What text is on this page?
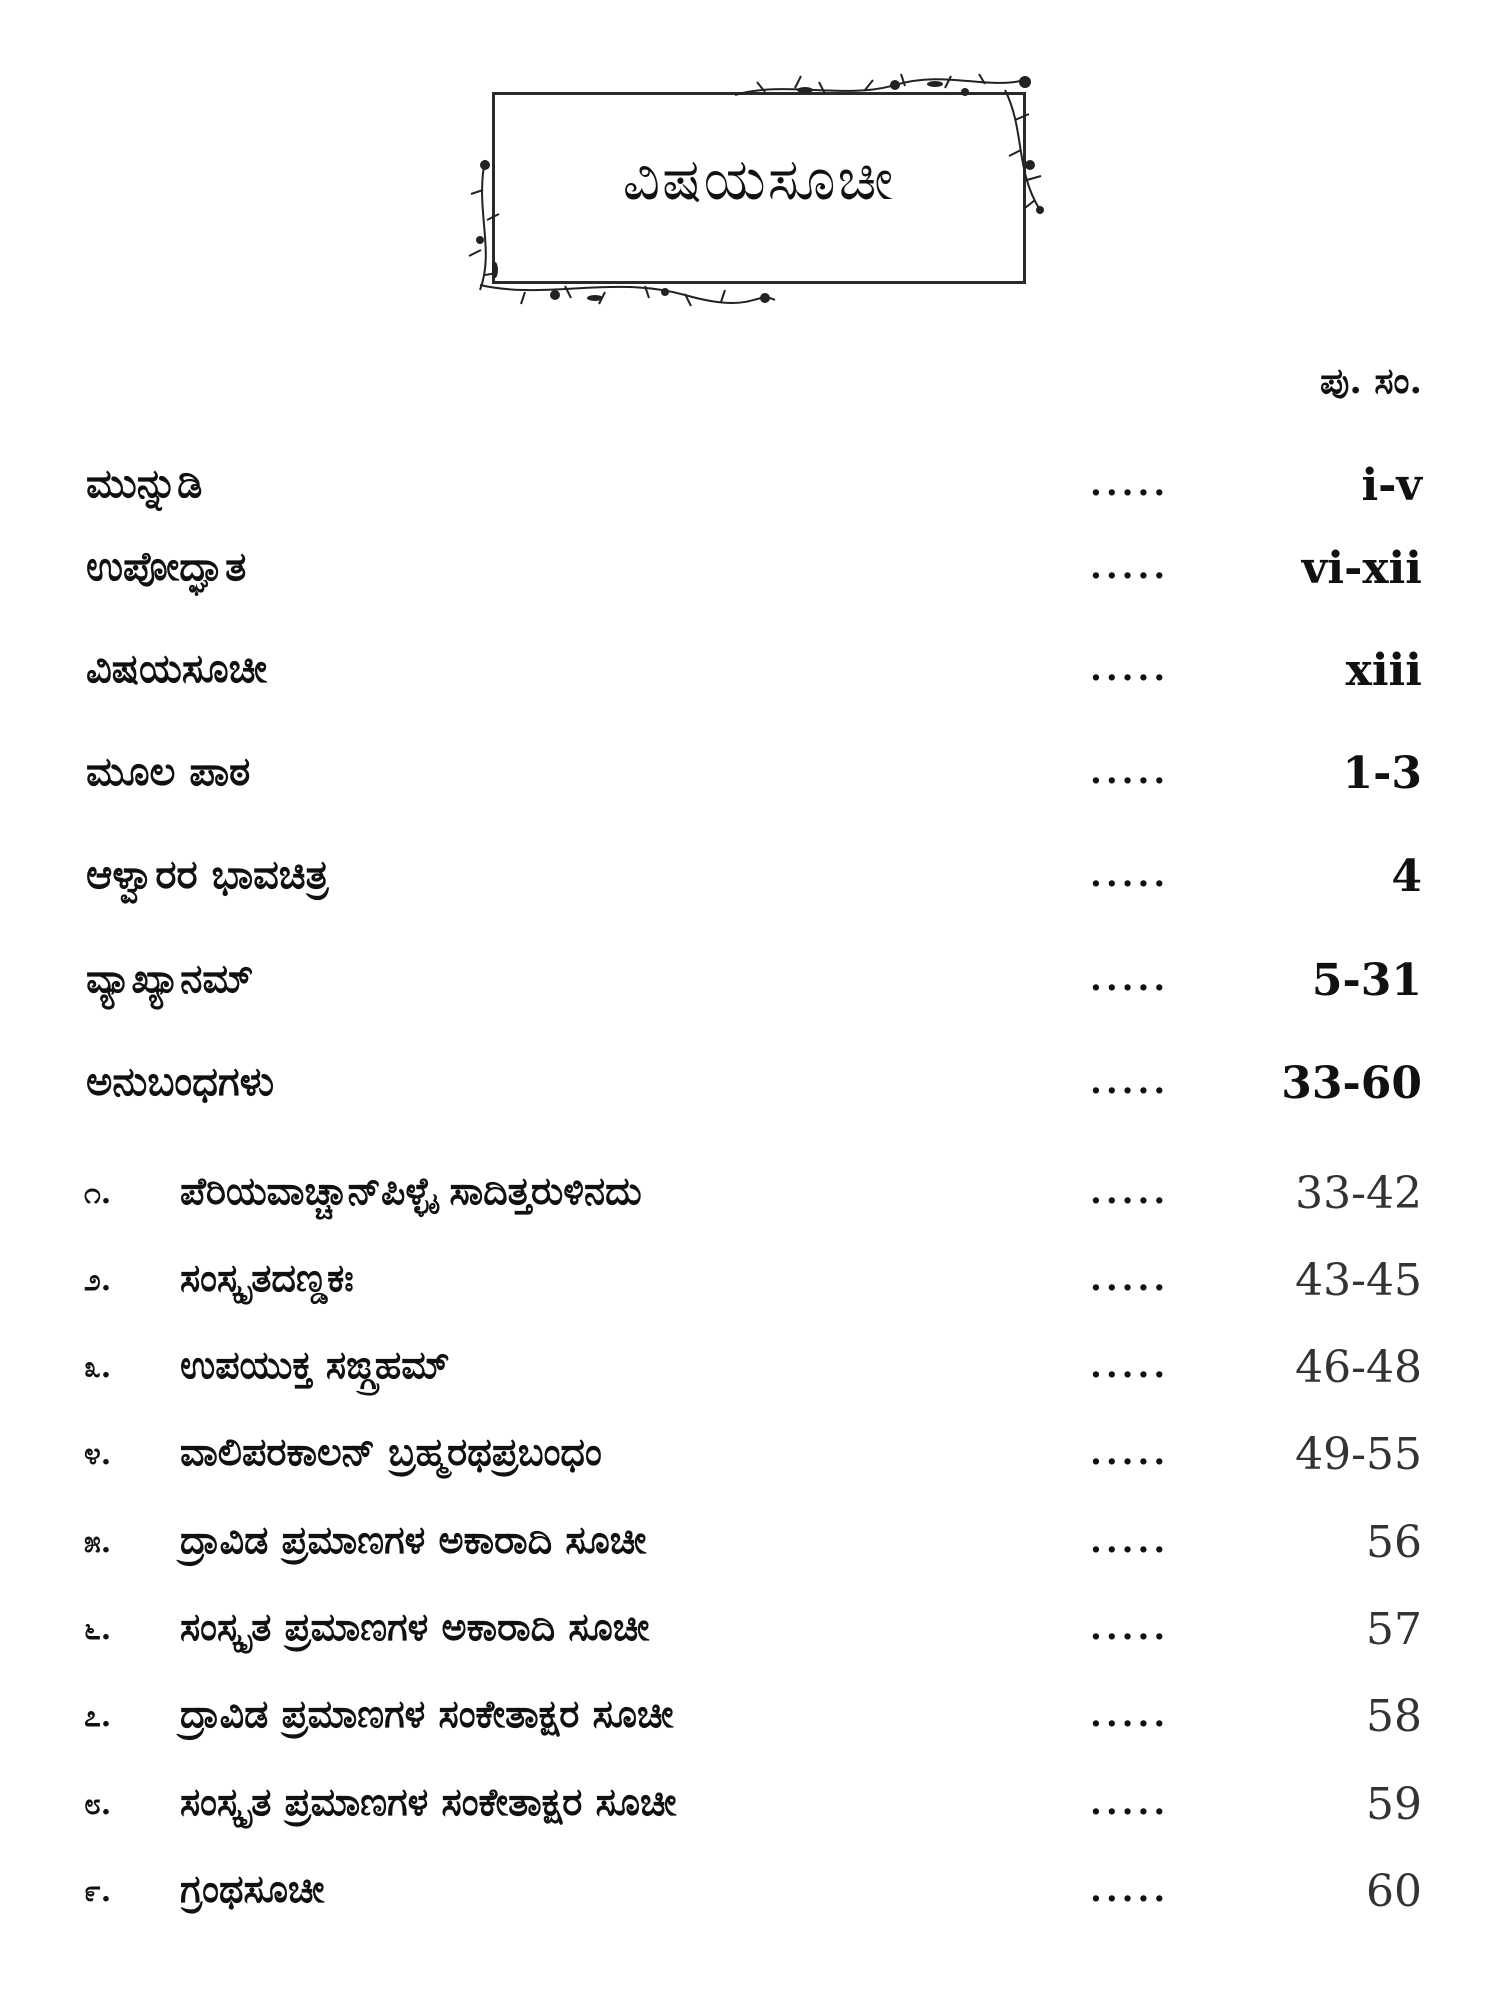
ವಿಷಯಸೂಚೀ
ಪು. ಸಂ.
ಮುನ್ನುಡಿ	.....	i-v
ಉಪೋದ್ಘಾತ	.....	vi-xii
ವಿಷಯಸೂಚೀ	.....	xiii
ಮೂಲ ಪಾಠ	.....	1-3
ಆಳ್ವಾರರ ಭಾವಚಿತ್ರ	.....	4
ವ್ಯಾಖ್ಯಾನಮ್	.....	5-31
ಅನುಬಂಧಗಳು	.....	33-60
೧. ಪೆರಿಯವಾಚ್ಚಾನ್‌ಪಿಳ್ಳೈ ಸಾದಿತ್ತರುಳಿನದು	.....	33-42
೨. ಸಂಸ್ಕೃತದಣ್ಡಕಃ	.....	43-45
೩. ಉಪಯುಕ್ತ ಸಙ್ಗ್ರಹಮ್	.....	46-48
೪. ವಾಲಿಪರಕಾಲನ್ ಬ್ರಹ್ಮರಥಪ್ರಬಂಧಂ	.....	49-55
೫. ದ್ರಾವಿಡ ಪ್ರಮಾಣಗಳ ಅಕಾರಾದಿ ಸೂಚೀ	.....	56
೬. ಸಂಸ್ಕೃತ ಪ್ರಮಾಣಗಳ ಅಕಾರಾದಿ ಸೂಚೀ	.....	57
೭. ದ್ರಾವಿಡ ಪ್ರಮಾಣಗಳ ಸಂಕೇತಾಕ್ಷರ ಸೂಚೀ	.....	58
೮. ಸಂಸ್ಕೃತ ಪ್ರಮಾಣಗಳ ಸಂಕೇತಾಕ್ಷರ ಸೂಚೀ	.....	59
೯. ಗ್ರಂಥಸೂಚೀ	.....	60
